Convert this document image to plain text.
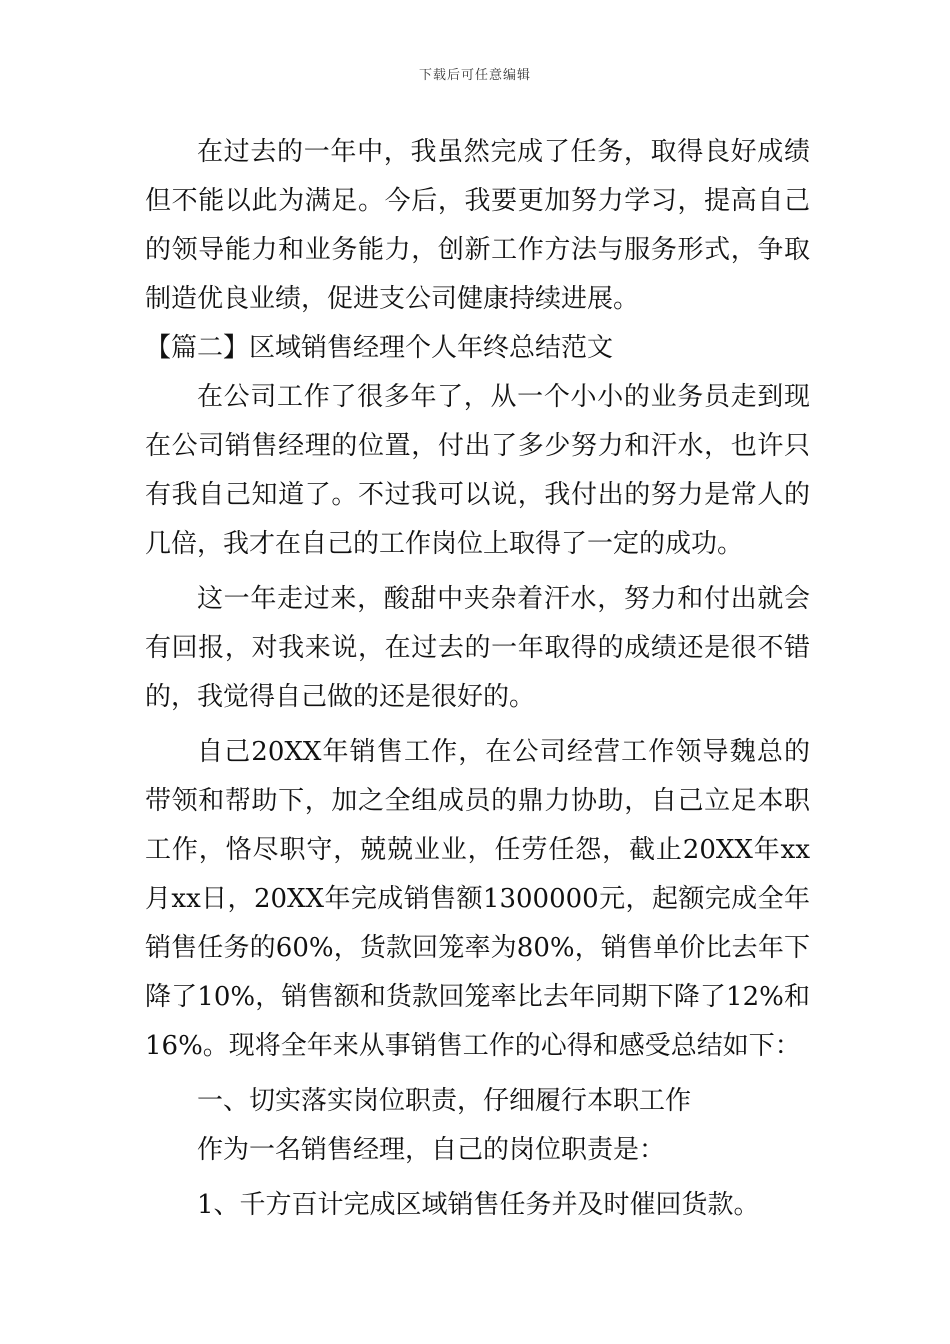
下载后可任意编辑

在过去的一年中，我虽然完成了任务，取得良好成绩但不能以此为满足。今后，我要更加努力学习，提高自己的领导能力和业务能力，创新工作方法与服务形式，争取制造优良业绩，促进支公司健康持续进展。

【篇二】区域销售经理个人年终总结范文

在公司工作了很多年了，从一个小小的业务员走到现在公司销售经理的位置，付出了多少努力和汗水，也许只有我自己知道了。不过我可以说，我付出的努力是常人的几倍，我才在自己的工作岗位上取得了一定的成功。

这一年走过来，酸甜中夹杂着汗水，努力和付出就会有回报，对我来说，在过去的一年取得的成绩还是很不错的，我觉得自己做的还是很好的。

自己20XX年销售工作，在公司经营工作领导魏总的带领和帮助下，加之全组成员的鼎力协助，自己立足本职工作，恪尽职守，兢兢业业，任劳任怨，截止20XX年xx月xx日，20XX年完成销售额1300000元，起额完成全年销售任务的60%，货款回笼率为80%，销售单价比去年下降了10%，销售额和货款回笼率比去年同期下降了12%和16%。现将全年来从事销售工作的心得和感受总结如下：

一、切实落实岗位职责，仔细履行本职工作

作为一名销售经理，自己的岗位职责是：

1、千方百计完成区域销售任务并及时催回货款。
